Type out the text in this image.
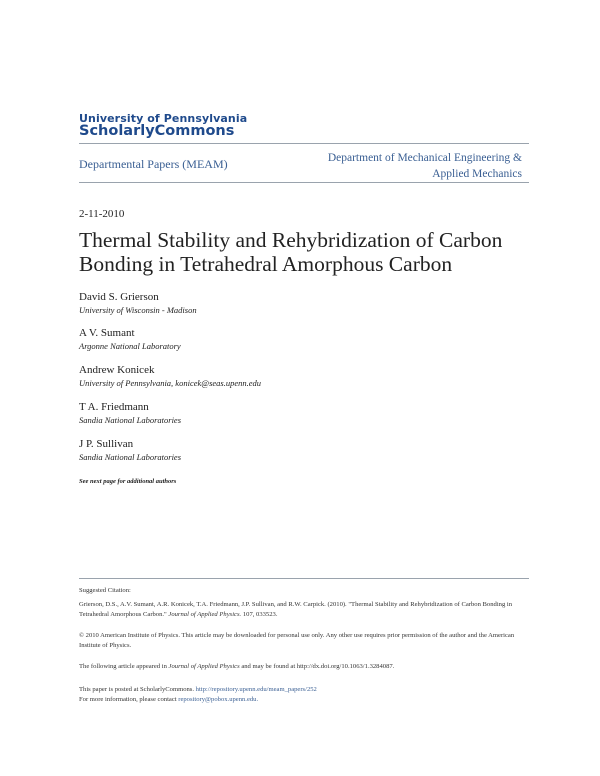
University of Pennsylvania
ScholarlyCommons
Departmental Papers (MEAM)	Department of Mechanical Engineering & Applied Mechanics
2-11-2010
Thermal Stability and Rehybridization of Carbon Bonding in Tetrahedral Amorphous Carbon
David S. Grierson
University of Wisconsin - Madison
A V. Sumant
Argonne National Laboratory
Andrew Konicek
University of Pennsylvania, konicek@seas.upenn.edu
T A. Friedmann
Sandia National Laboratories
J P. Sullivan
Sandia National Laboratories
See next page for additional authors
Suggested Citation:
Grierson, D.S., A.V. Sumant, A.R. Konicek, T.A. Friedmann, J.P. Sullivan, and R.W. Carpick. (2010). "Thermal Stability and Rehybridization of Carbon Bonding in Tetrahedral Amorphous Carbon." Journal of Applied Physics. 107, 033523.
© 2010 American Institute of Physics. This article may be downloaded for personal use only. Any other use requires prior permission of the author and the American Institute of Physics.
The following article appeared in Journal of Applied Physics and may be found at http://dx.doi.org/10.1063/1.3284087.
This paper is posted at ScholarlyCommons. http://repository.upenn.edu/meam_papers/252
For more information, please contact repository@pobox.upenn.edu.
